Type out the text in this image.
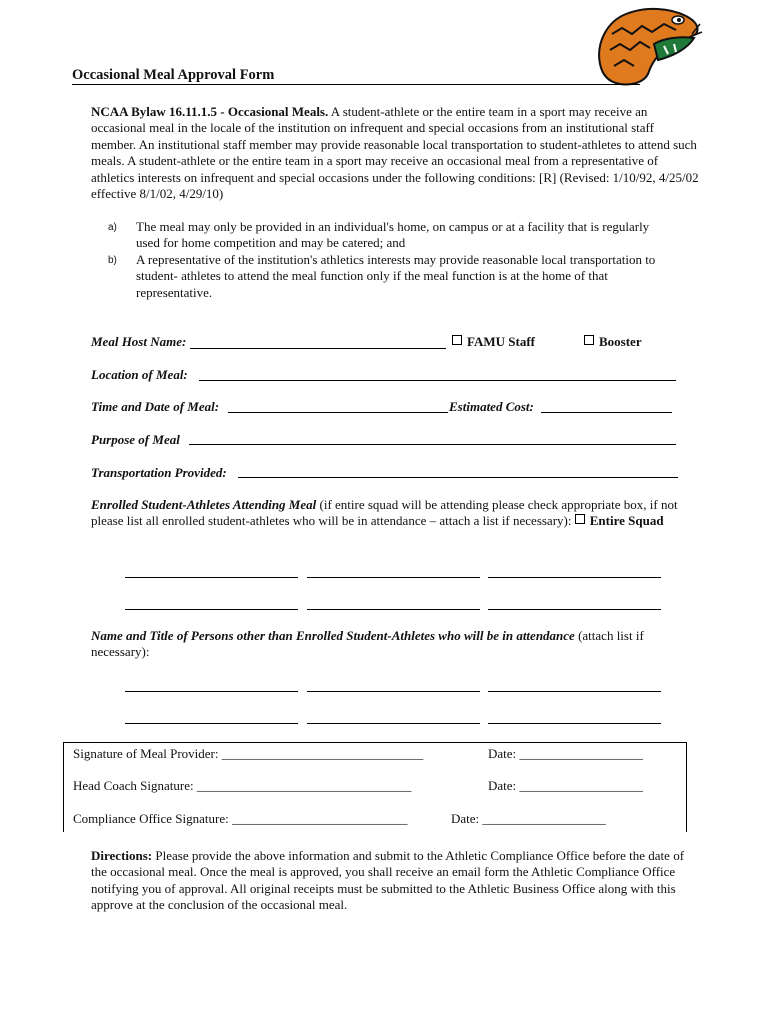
Occasional Meal Approval Form
NCAA Bylaw 16.11.1.5 - Occasional Meals. A student-athlete or the entire team in a sport may receive an occasional meal in the locale of the institution on infrequent and special occasions from an institutional staff member. An institutional staff member may provide reasonable local transportation to student-athletes to attend such meals. A student-athlete or the entire team in a sport may receive an occasional meal from a representative of athletics interests on infrequent and special occasions under the following conditions: [R] (Revised: 1/10/92, 4/25/02 effective 8/1/02, 4/29/10)
a) The meal may only be provided in an individual's home, on campus or at a facility that is regularly used for home competition and may be catered; and
b) A representative of the institution's athletics interests may provide reasonable local transportation to student- athletes to attend the meal function only if the meal function is at the home of that representative.
Meal Host Name:	FAMU Staff	Booster
Location of Meal:
Time and Date of Meal:	Estimated Cost:
Purpose of Meal
Transportation Provided:
Enrolled Student-Athletes Attending Meal (if entire squad will be attending please check appropriate box, if not please list all enrolled student-athletes who will be in attendance – attach a list if necessary): Entire Squad
Name and Title of Persons other than Enrolled Student-Athletes who will be in attendance (attach list if necessary):
Signature of Meal Provider: _______________________________	Date: ___________________
Head Coach Signature: _________________________________	Date: ___________________
Compliance Office Signature: ___________________________	Date: ___________________
Directions: Please provide the above information and submit to the Athletic Compliance Office before the date of the occasional meal. Once the meal is approved, you shall receive an email form the Athletic Compliance Office notifying you of approval. All original receipts must be submitted to the Athletic Business Office along with this approve at the conclusion of the occasional meal.
